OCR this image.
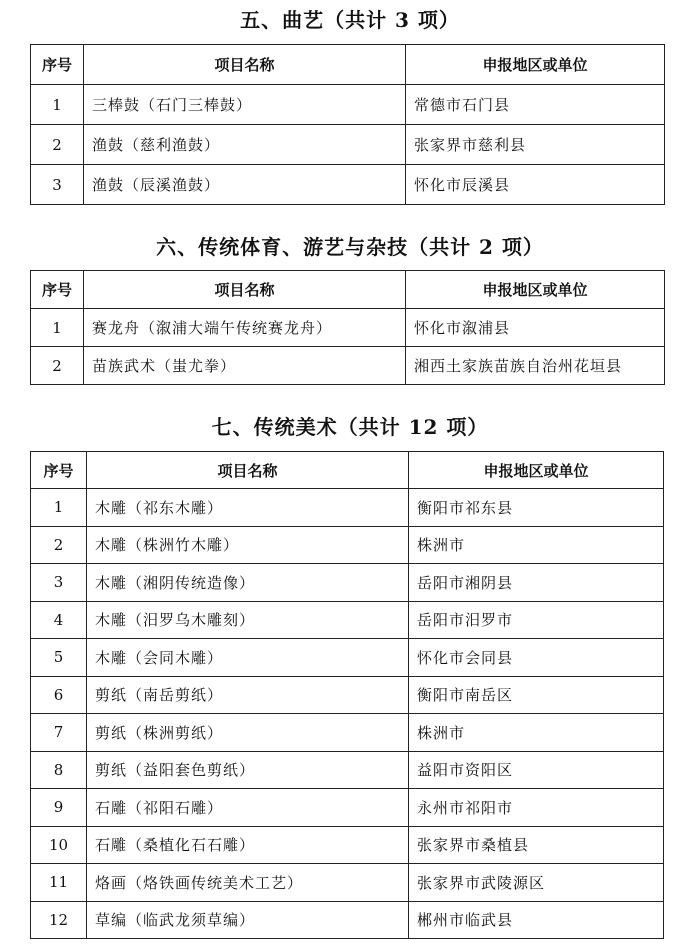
五、曲艺（共计 3 项）
序号	项目名称	申报地区或单位
1	三棒鼓（石门三棒鼓）	常德市石门县
2	渔鼓（慈利渔鼓）	张家界市慈利县
3	渔鼓（辰溪渔鼓）	怀化市辰溪县
六、传统体育、游艺与杂技（共计 2 项）
序号	项目名称	申报地区或单位
1	赛龙舟（溆浦大端午传统赛龙舟）	怀化市溆浦县
2	苗族武术（蚩尤拳）	湘西土家族苗族自治州花垣县
七、传统美术（共计 12 项）
序号	项目名称	申报地区或单位
1	木雕（祁东木雕）	衡阳市祁东县
2	木雕（株洲竹木雕）	株洲市
3	木雕（湘阴传统造像）	岳阳市湘阴县
4	木雕（汨罗乌木雕刻）	岳阳市汨罗市
5	木雕（会同木雕）	怀化市会同县
6	剪纸（南岳剪纸）	衡阳市南岳区
7	剪纸（株洲剪纸）	株洲市
8	剪纸（益阳套色剪纸）	益阳市资阳区
9	石雕（祁阳石雕）	永州市祁阳市
10	石雕（桑植化石石雕）	张家界市桑植县
11	烙画（烙铁画传统美术工艺）	张家界市武陵源区
12	草编（临武龙须草编）	郴州市临武县
